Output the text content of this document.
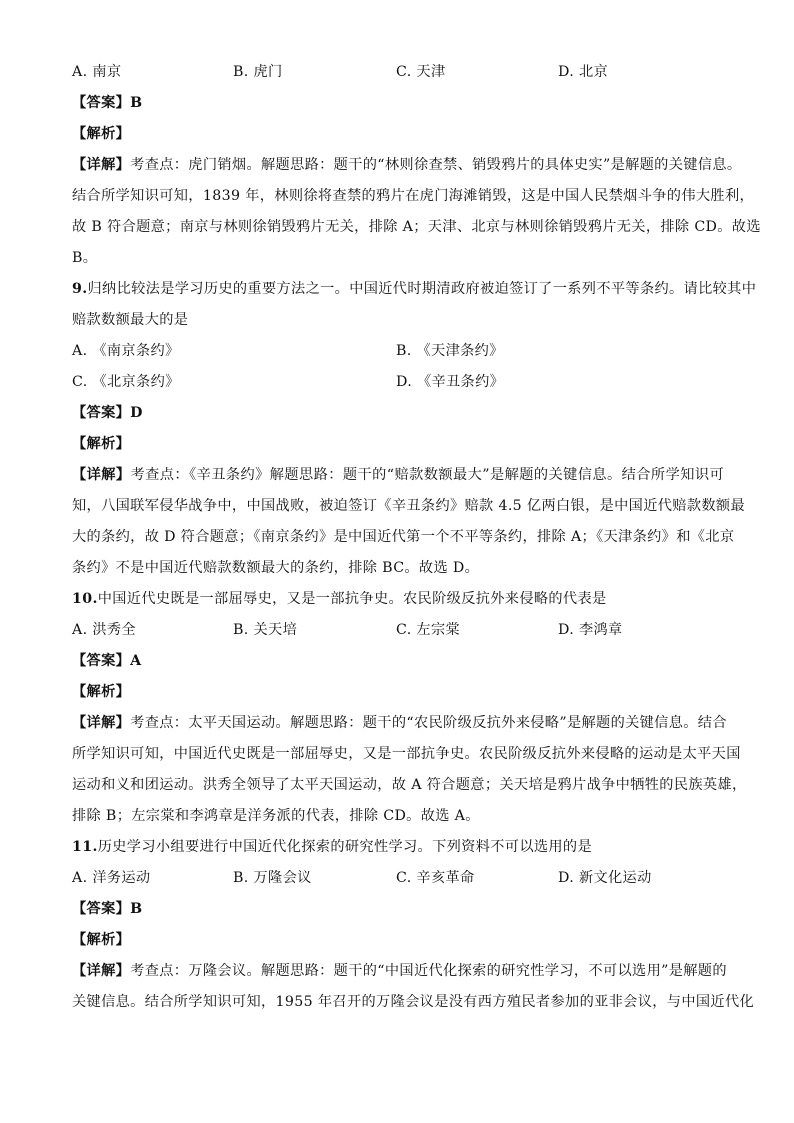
A. 南京	B. 虎门	C. 天津	D. 北京
【答案】B
【解析】
【详解】考查点：虎门销烟。解题思路：题干的“林则徐查禁、销毁鸦片的具体史实”是解题的关键信息。
结合所学知识可知，1839 年，林则徐将查禁的鸦片在虎门海滩销毁，这是中国人民禁烟斗争的伟大胜利，
故 B 符合题意；南京与林则徐销毁鸦片无关，排除 A；天津、北京与林则徐销毁鸦片无关，排除 CD。故选
B。
9.归纳比较法是学习历史的重要方法之一。中国近代时期清政府被迫签订了一系列不平等条约。请比较其中
赔款数额最大的是
A. 《南京条约》	B. 《天津条约》
C. 《北京条约》	D. 《辛丑条约》
【答案】D
【解析】
【详解】考查点：《辛丑条约》解题思路：题干的“赔款数额最大”是解题的关键信息。结合所学知识可
知，八国联军侵华战争中，中国战败，被迫签订《辛丑条约》赔款 4.5 亿两白银，是中国近代赔款数额最
大的条约，故 D 符合题意；《南京条约》是中国近代第一个不平等条约，排除 A；《天津条约》和《北京
条约》不是中国近代赔款数额最大的条约，排除 BC。故选 D。
10.中国近代史既是一部屈辱史，又是一部抗争史。农民阶级反抗外来侵略的代表是
A. 洪秀全	B. 关天培	C. 左宗棠	D. 李鸿章
【答案】A
【解析】
【详解】考查点：太平天国运动。解题思路：题干的“农民阶级反抗外来侵略”是解题的关键信息。结合
所学知识可知，中国近代史既是一部屈辱史，又是一部抗争史。农民阶级反抗外来侵略的运动是太平天国
运动和义和团运动。洪秀全领导了太平天国运动，故 A 符合题意；关天培是鸦片战争中牺牲的民族英雄，
排除 B；左宗棠和李鸿章是洋务派的代表，排除 CD。故选 A。
11.历史学习小组要进行中国近代化探索的研究性学习。下列资料不可以选用的是
A. 洋务运动	B. 万隆会议	C. 辛亥革命	D. 新文化运动
【答案】B
【解析】
【详解】考查点：万隆会议。解题思路：题干的“中国近代化探索的研究性学习，不可以选用”是解题的
关键信息。结合所学知识可知，1955 年召开的万隆会议是没有西方殖民者参加的亚非会议，与中国近代化
